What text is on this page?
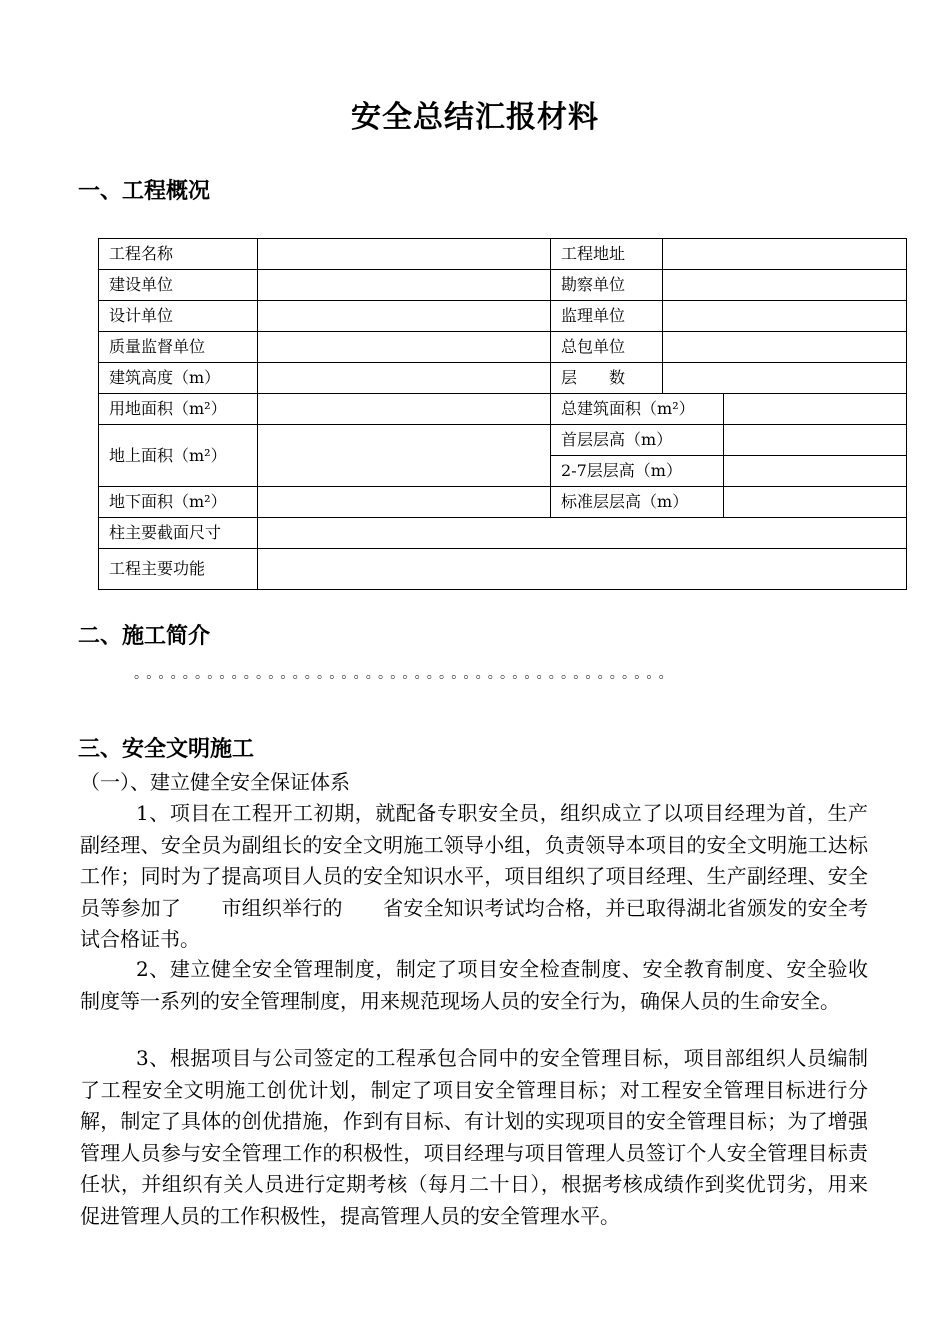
安全总结汇报材料
一、工程概况
工程名称		工程地址		
建设单位		勘察单位		
设计单位		监理单位		
质量监督单位		总包单位		
建筑高度（m）		层　　数		
用地面积（m²）		总建筑面积（m²）		
地上面积（m²）		首层层高（m）		
		2-7层层高（m）		
地下面积（m²）		标准层层高（m）		
柱主要截面尺寸				
工程主要功能				
二、施工简介
。。。。。。。。。。。。。。。。。。。。。。。。。。。。。。。。。。。。。。。。。。。。
三、安全文明施工
（一）、建立健全安全保证体系

1、项目在工程开工初期，就配备专职安全员，组织成立了以项目经理为首，生产副经理、安全员为副组长的安全文明施工领导小组，负责领导本项目的安全文明施工达标工作；同时为了提高项目人员的安全知识水平，项目组织了项目经理、生产副经理、安全员等参加了　　市组织举行的　　省安全知识考试均合格，并已取得湖北省颁发的安全考试合格证书。

2、建立健全安全管理制度，制定了项目安全检查制度、安全教育制度、安全验收制度等一系列的安全管理制度，用来规范现场人员的安全行为，确保人员的生命安全。

3、根据项目与公司签定的工程承包合同中的安全管理目标，项目部组织人员编制了工程安全文明施工创优计划，制定了项目安全管理目标；对工程安全管理目标进行分解，制定了具体的创优措施，作到有目标、有计划的实现项目的安全管理目标；为了增强管理人员参与安全管理工作的积极性，项目经理与项目管理人员签订个人安全管理目标责任状，并组织有关人员进行定期考核（每月二十日），根据考核成绩作到奖优罚劣，用来促进管理人员的工作积极性，提高管理人员的安全管理水平。
